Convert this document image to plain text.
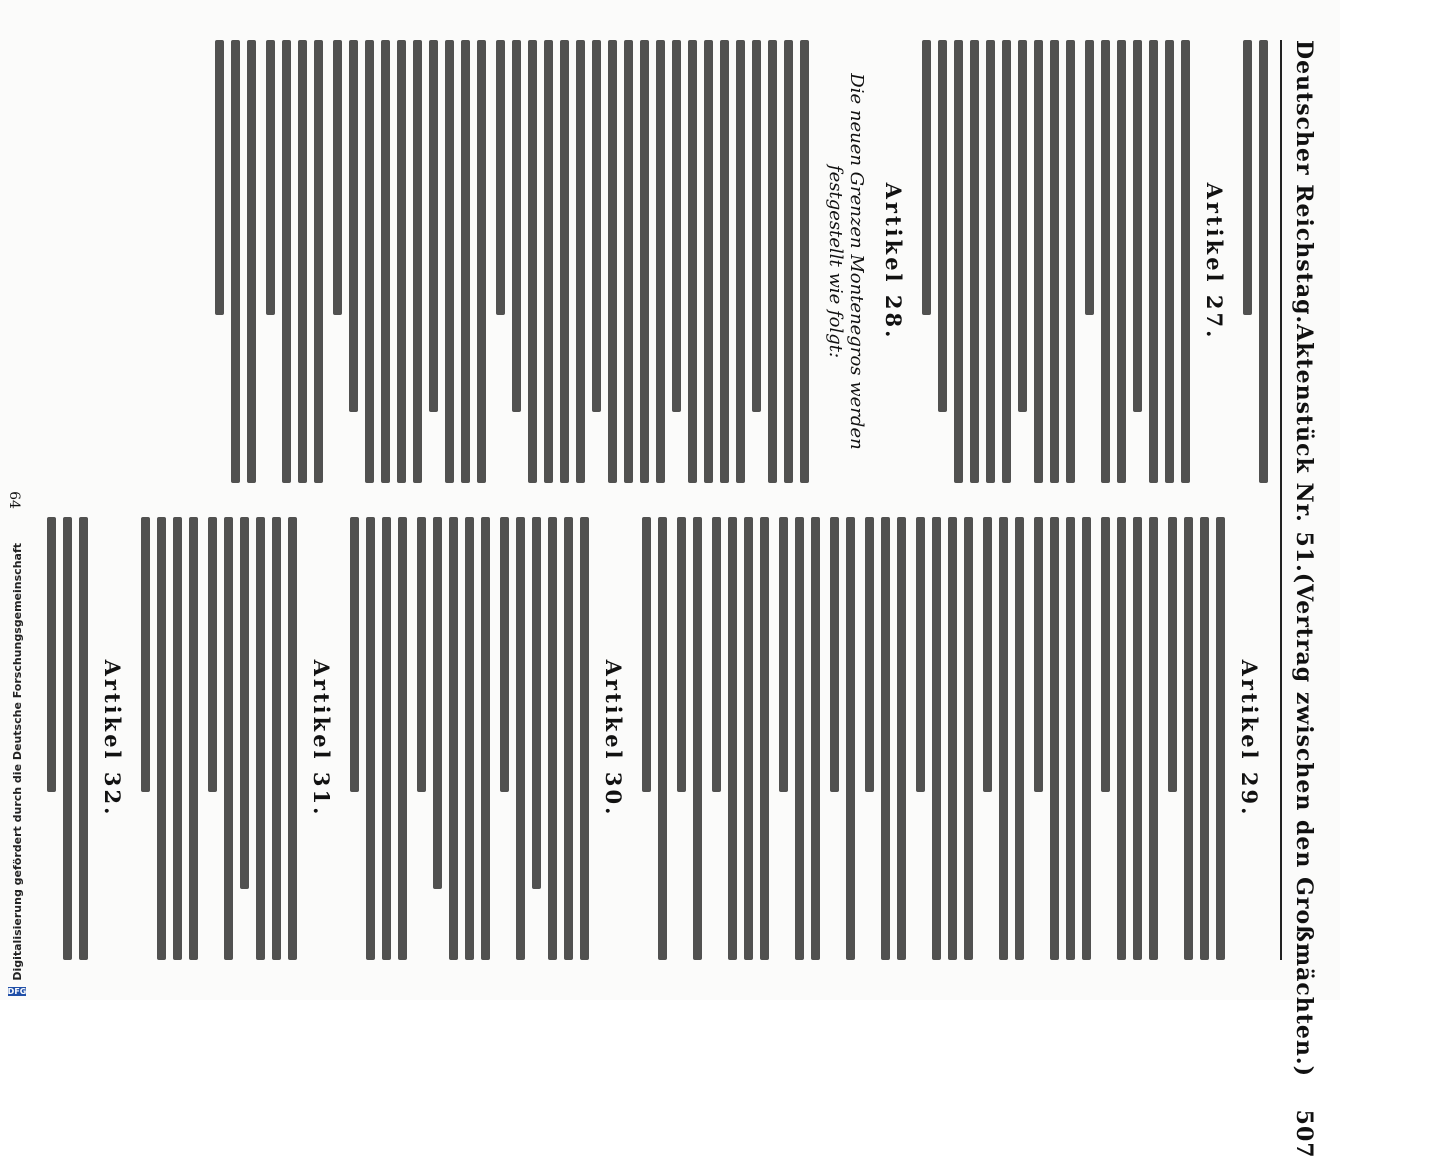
Deutscher Reichstag.
Aktenstück Nr. 51.
(Vertrag zwischen den Großmächten.) 507
Artikel 27.
Artikel 28.
Die neuen Grenzen Montenegros werden festgestellt wie folgt:
Artikel 29.
Artikel 30.
Artikel 31.
Artikel 32.
64
DFG
Digitalisierung gefördert durch die Deutsche Forschungsgemeinschaft
